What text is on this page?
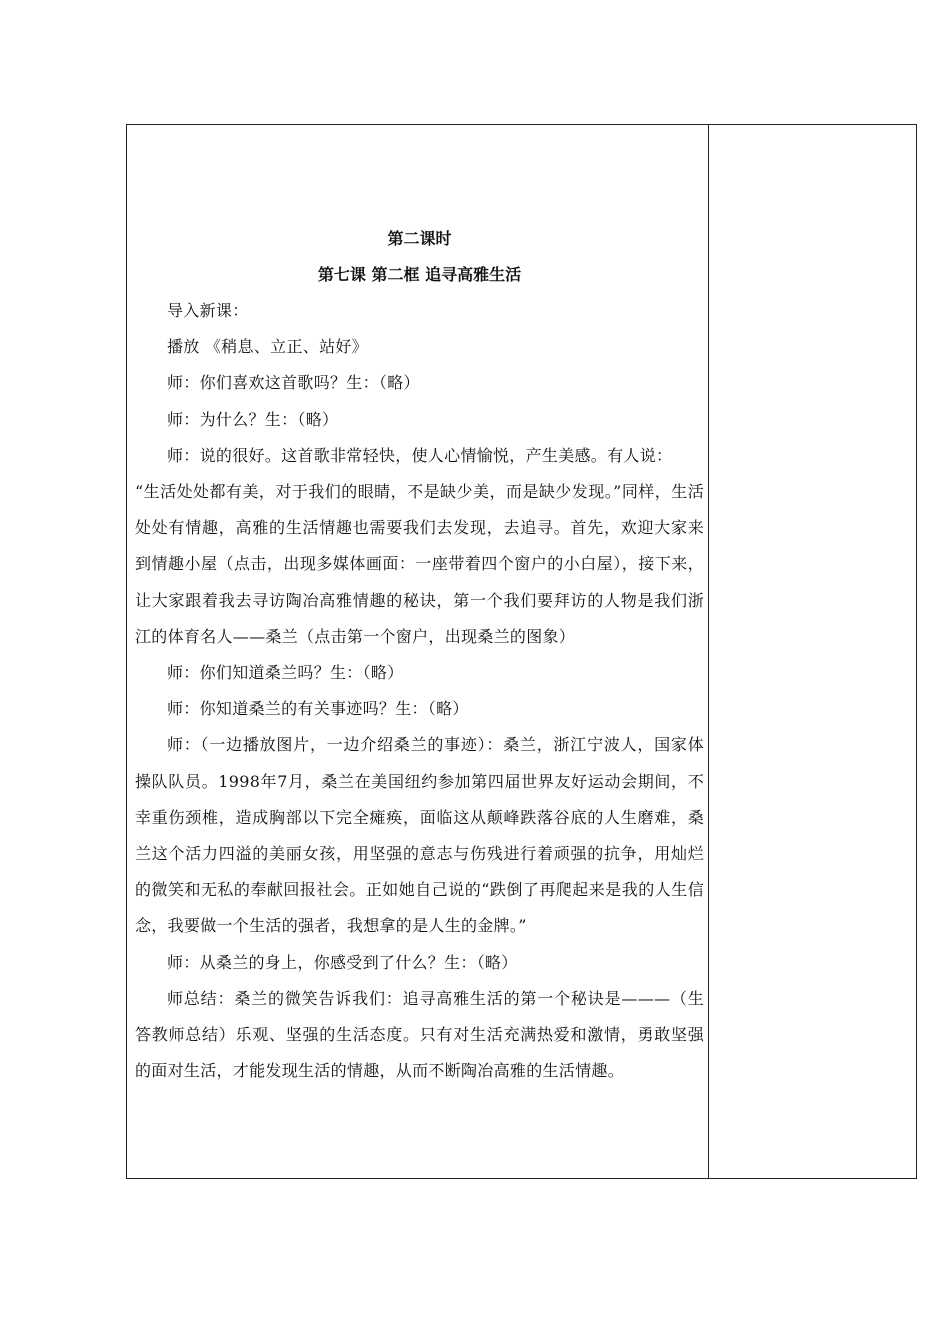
第二课时
第七课 第二框 追寻高雅生活

导入新课：

播放 《稍息、立正、站好》

师：你们喜欢这首歌吗？生：（略）

师：为什么？生：（略）

师：说的很好。这首歌非常轻快，使人心情愉悦，产生美感。有人说：

“生活处处都有美，对于我们的眼睛，不是缺少美，而是缺少发现。”同样，生活处处有情趣，高雅的生活情趣也需要我们去发现，去追寻。首先，欢迎大家来到情趣小屋（点击，出现多媒体画面：一座带着四个窗户的小白屋），接下来，让大家跟着我去寻访陶冶高雅情趣的秘诀，第一个我们要拜访的人物是我们浙江的体育名人——桑兰（点击第一个窗户，出现桑兰的图象）

师：你们知道桑兰吗？生：（略）

师：你知道桑兰的有关事迹吗？生：（略）

师：（一边播放图片，一边介绍桑兰的事迹）：桑兰，浙江宁波人，国家体操队队员。1998年7月，桑兰在美国纽约参加第四届世界友好运动会期间，不幸重伤颈椎，造成胸部以下完全瘫痪，面临这从颠峰跌落谷底的人生磨难，桑兰这个活力四溢的美丽女孩，用坚强的意志与伤残进行着顽强的抗争，用灿烂的微笑和无私的奉献回报社会。正如她自己说的“跌倒了再爬起来是我的人生信念，我要做一个生活的强者，我想拿的是人生的金牌。”

师：从桑兰的身上，你感受到了什么？生：（略）

师总结：桑兰的微笑告诉我们：追寻高雅生活的第一个秘诀是———（生答教师总结）乐观、坚强的生活态度。只有对生活充满热爱和激情，勇敢坚强的面对生活，才能发现生活的情趣，从而不断陶冶高雅的生活情趣。
